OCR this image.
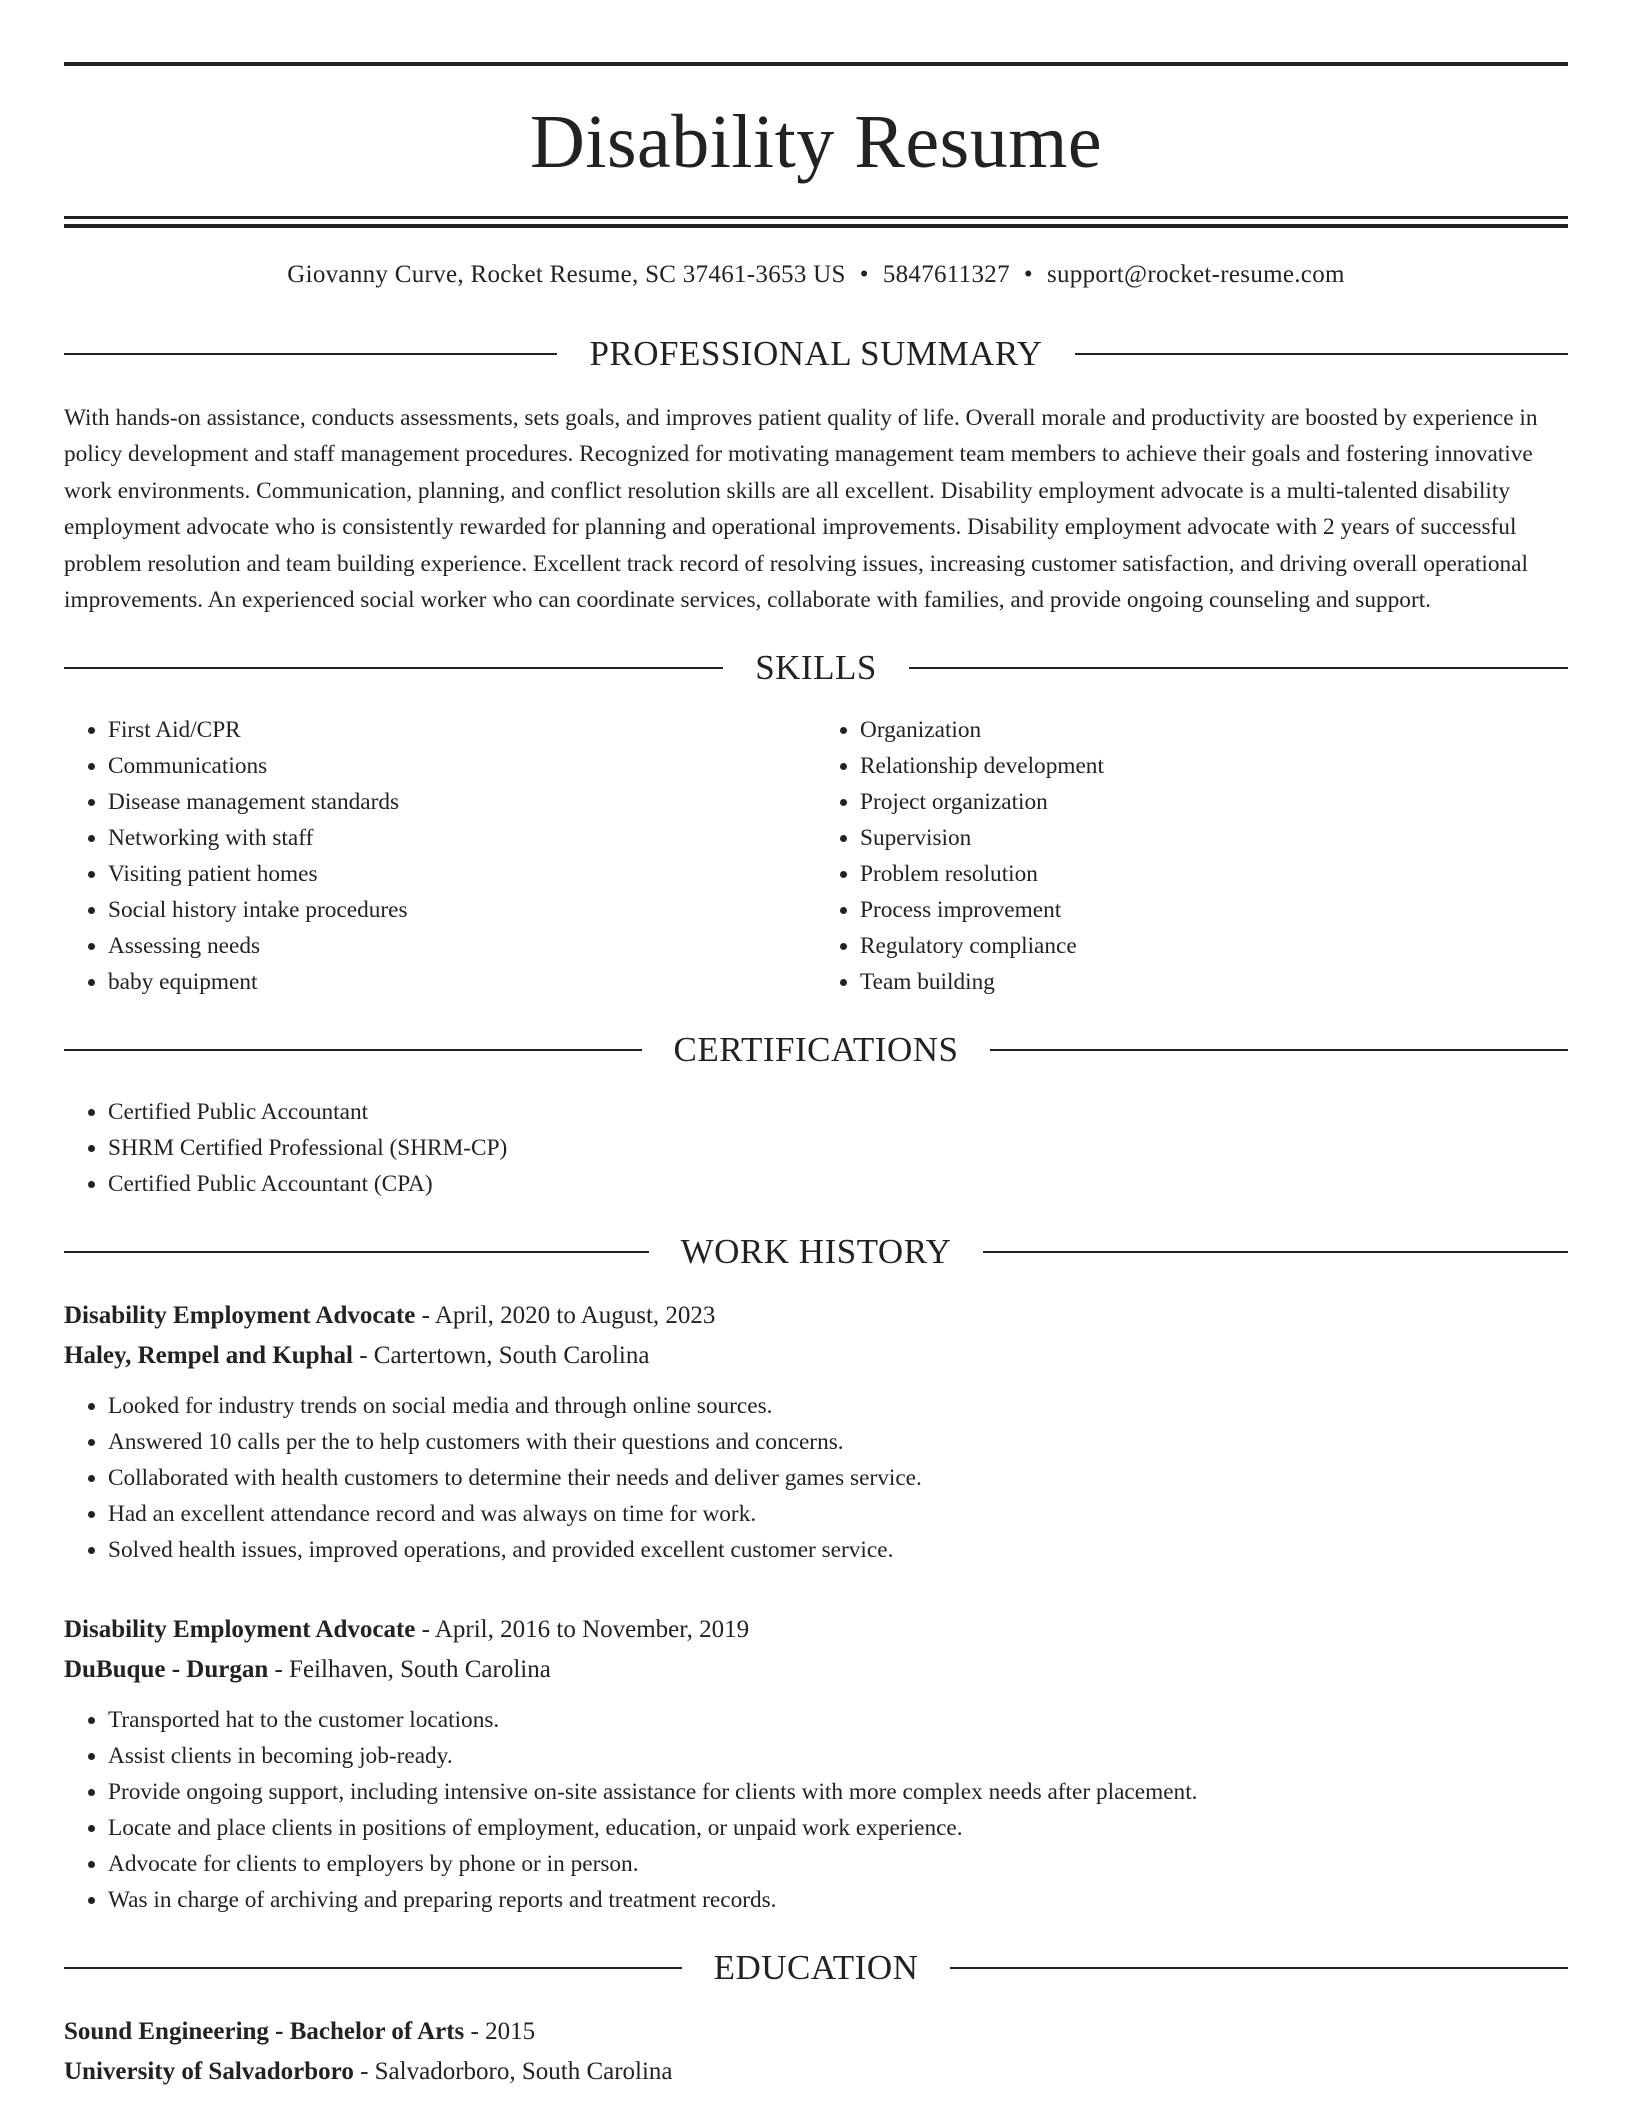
Disability Resume
Giovanny Curve, Rocket Resume, SC 37461-3653 US • 5847611327 • support@rocket-resume.com
PROFESSIONAL SUMMARY

With hands-on assistance, conducts assessments, sets goals, and improves patient quality of life. Overall morale and productivity are boosted by experience in policy development and staff management procedures. Recognized for motivating management team members to achieve their goals and fostering innovative work environments. Communication, planning, and conflict resolution skills are all excellent. Disability employment advocate is a multi-talented disability employment advocate who is consistently rewarded for planning and operational improvements. Disability employment advocate with 2 years of successful problem resolution and team building experience. Excellent track record of resolving issues, increasing customer satisfaction, and driving overall operational improvements. An experienced social worker who can coordinate services, collaborate with families, and provide ongoing counseling and support.

SKILLS
• First Aid/CPR
• Communications
• Disease management standards
• Networking with staff
• Visiting patient homes
• Social history intake procedures
• Assessing needs
• baby equipment
• Organization
• Relationship development
• Project organization
• Supervision
• Problem resolution
• Process improvement
• Regulatory compliance
• Team building
CERTIFICATIONS
• Certified Public Accountant
• SHRM Certified Professional (SHRM-CP)
• Certified Public Accountant (CPA)
WORK HISTORY
Disability Employment Advocate - April, 2020 to August, 2023
Haley, Rempel and Kuphal - Cartertown, South Carolina
• Looked for industry trends on social media and through online sources.
• Answered 10 calls per the to help customers with their questions and concerns.
• Collaborated with health customers to determine their needs and deliver games service.
• Had an excellent attendance record and was always on time for work.
• Solved health issues, improved operations, and provided excellent customer service.
Disability Employment Advocate - April, 2016 to November, 2019
DuBuque - Durgan - Feilhaven, South Carolina
• Transported hat to the customer locations.
• Assist clients in becoming job-ready.
• Provide ongoing support, including intensive on-site assistance for clients with more complex needs after placement.
• Locate and place clients in positions of employment, education, or unpaid work experience.
• Advocate for clients to employers by phone or in person.
• Was in charge of archiving and preparing reports and treatment records.
EDUCATION
Sound Engineering - Bachelor of Arts - 2015
University of Salvadorboro - Salvadorboro, South Carolina
